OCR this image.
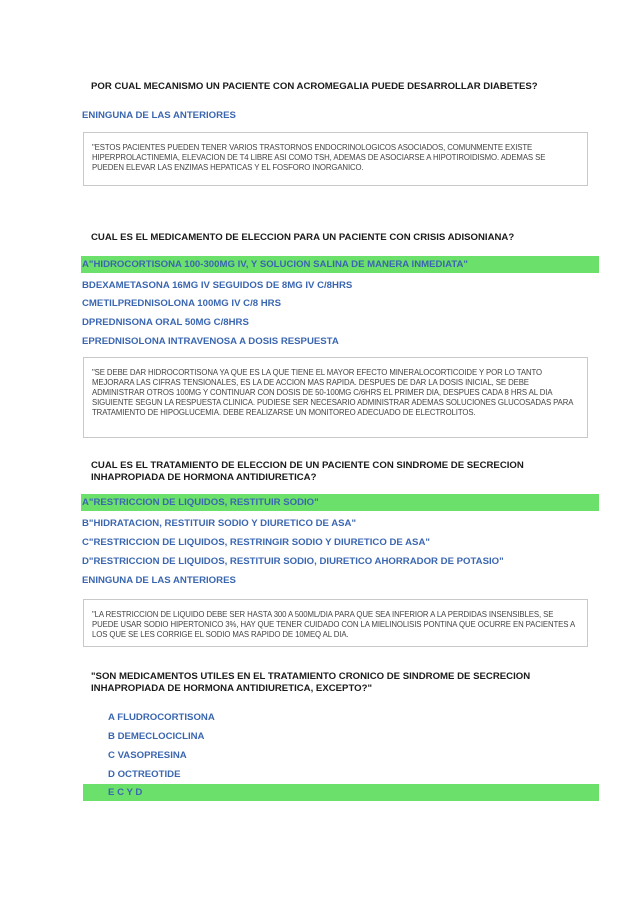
POR CUAL MECANISMO UN PACIENTE CON ACROMEGALIA PUEDE DESARROLLAR DIABETES?
ENINGUNA DE LAS ANTERIORES
"ESTOS PACIENTES PUEDEN TENER VARIOS TRASTORNOS ENDOCRINOLOGICOS ASOCIADOS, COMUNMENTE EXISTE HIPERPROLACTINEMIA, ELEVACION DE T4 LIBRE ASI COMO TSH, ADEMAS DE ASOCIARSE A HIPOTIROIDISMO. ADEMAS SE PUEDEN ELEVAR LAS ENZIMAS HEPATICAS Y EL FOSFORO INORGANICO.
CUAL ES EL MEDICAMENTO DE ELECCION PARA UN PACIENTE CON CRISIS ADISONIANA?
A"HIDROCORTISONA 100-300MG IV, Y SOLUCION SALINA DE MANERA INMEDIATA"
BDEXAMETASONA 16MG IV SEGUIDOS DE 8MG IV C/8HRS
CMETILPREDNISOLONA 100MG IV C/8 HRS
DPREDNISONA ORAL 50MG C/8HRS
EPREDNISOLONA INTRAVENOSA A DOSIS RESPUESTA
"SE DEBE DAR HIDROCORTISONA YA QUE ES LA QUE TIENE EL MAYOR EFECTO MINERALOCORTICOIDE Y POR LO TANTO MEJORARA LAS CIFRAS TENSIONALES, ES LA DE ACCION MAS RAPIDA. DESPUES DE DAR LA DOSIS INICIAL, SE DEBE ADMINISTRAR OTROS 100MG Y CONTINUAR CON DOSIS DE 50-100MG C/6HRS EL PRIMER DIA, DESPUES CADA 8 HRS AL DIA SIGUIENTE SEGUN LA RESPUESTA CLINICA. PUDIESE SER NECESARIO ADMINISTRAR ADEMAS SOLUCIONES GLUCOSADAS PARA TRATAMIENTO DE HIPOGLUCEMIA. DEBE REALIZARSE UN MONITOREO ADECUADO DE ELECTROLITOS.
CUAL ES EL TRATAMIENTO DE ELECCION DE UN PACIENTE CON SINDROME DE SECRECION INHAPROPIADA DE HORMONA ANTIDIURETICA?
A"RESTRICCION DE LIQUIDOS, RESTITUIR SODIO"
B"HIDRATACION, RESTITUIR SODIO Y DIURETICO DE ASA"
C"RESTRICCION DE LIQUIDOS, RESTRINGIR SODIO Y DIURETICO DE ASA"
D"RESTRICCION DE LIQUIDOS, RESTITUIR SODIO, DIURETICO AHORRADOR DE POTASIO"
ENINGUNA DE LAS ANTERIORES
"LA RESTRICCION DE LIQUIDO DEBE SER HASTA 300 A 500ML/DIA PARA QUE SEA INFERIOR A LA PERDIDAS INSENSIBLES, SE PUEDE USAR SODIO HIPERTONICO 3%, HAY QUE TENER CUIDADO CON LA MIELINOLISIS PONTINA QUE OCURRE EN PACIENTES A LOS QUE SE LES CORRIGE EL SODIO MAS RAPIDO DE 10MEQ AL DIA.
"SON MEDICAMENTOS UTILES EN EL TRATAMIENTO CRONICO DE SINDROME DE SECRECION INHAPROPIADA DE HORMONA ANTIDIURETICA, EXCEPTO?"
A FLUDROCORTISONA
B DEMECLOCICLINA
C VASOPRESINA
D OCTREOTIDE
E C Y D
